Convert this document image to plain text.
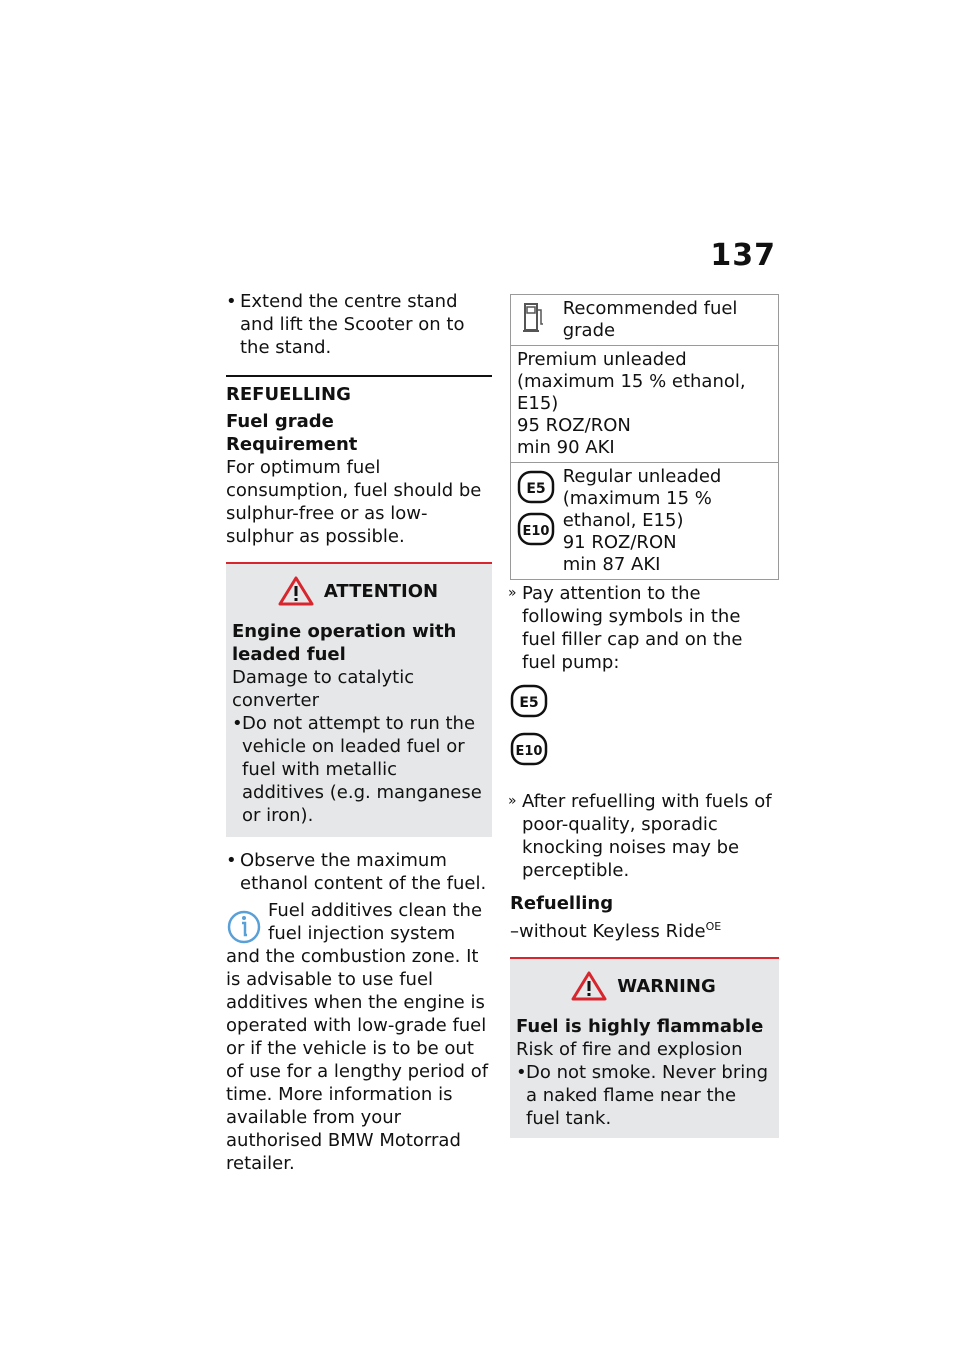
137
• Extend the centre stand and lift the Scooter on to the stand.
REFUELLING
Fuel grade
Requirement
For optimum fuel consumption, fuel should be sulphur-free or as low-sulphur as possible.
ATTENTION
Engine operation with leaded fuel
Damage to catalytic converter
• Do not attempt to run the vehicle on leaded fuel or fuel with metallic additives (e.g. manganese or iron).
• Observe the maximum ethanol content of the fuel.
Fuel additives clean the fuel injection system and the combustion zone. It is advisable to use fuel additives when the engine is operated with low-grade fuel or if the vehicle is to be out of use for a lengthy period of time. More information is available from your authorised BMW Motorrad retailer.
Recommended fuel grade

Premium unleaded
(maximum 15 % ethanol,
E15)
95 ROZ/RON
min 90 AKI

E5
E10

Regular unleaded
(maximum 15 %
ethanol, E15)
91 ROZ/RON
min 87 AKI
» Pay attention to the following symbols in the fuel filler cap and on the fuel pump:
E5
E10
» After refuelling with fuels of poor-quality, sporadic knocking noises may be perceptible.
Refuelling
–without Keyless Ride$^{OE}$
WARNING
Fuel is highly flammable
Risk of fire and explosion
• Do not smoke. Never bring a naked flame near the fuel tank.
